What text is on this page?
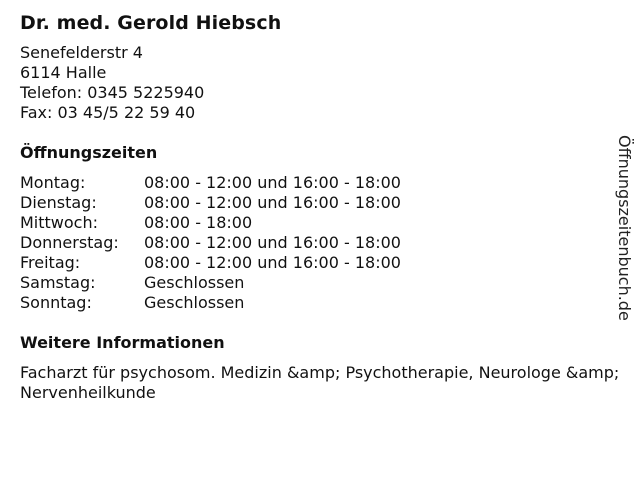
Dr. med. Gerold Hiebsch
Senefelderstr 4
6114 Halle
Telefon: 0345 5225940
Fax: 03 45/5 22 59 40
Öffnungszeiten
Montag:	08:00 - 12:00 und 16:00 - 18:00
Dienstag:	08:00 - 12:00 und 16:00 - 18:00
Mittwoch:	08:00 - 18:00
Donnerstag:	08:00 - 12:00 und 16:00 - 18:00
Freitag:	08:00 - 12:00 und 16:00 - 18:00
Samstag:	Geschlossen
Sonntag:	Geschlossen
Weitere Informationen

Facharzt für psychosom. Medizin &amp; Psychotherapie, Neurologe &amp; Nervenheilkunde

Öffnungszeitenbuch.de
